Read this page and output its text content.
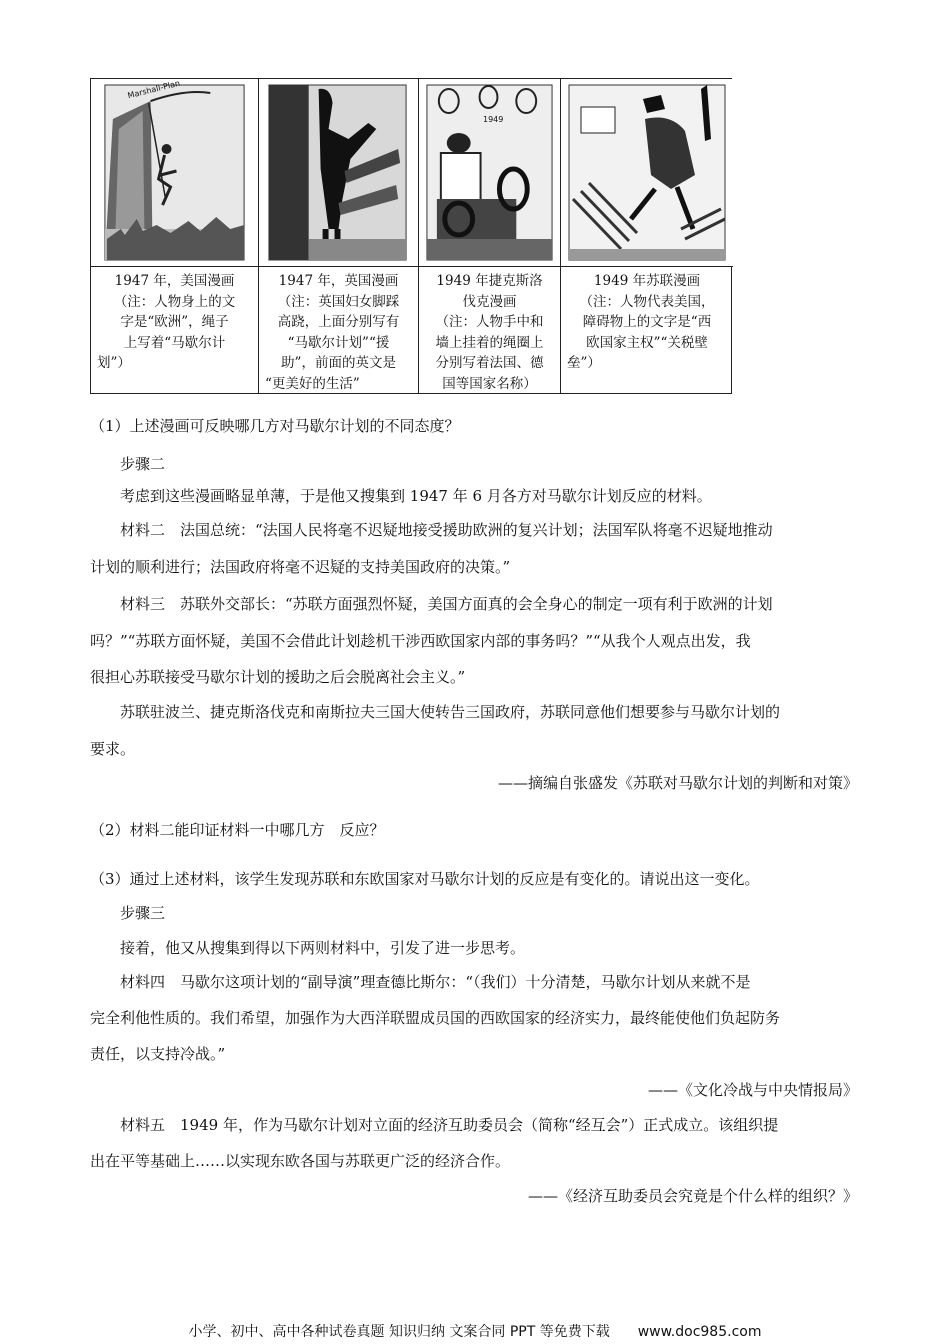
Marshall-Plan
1947 年，美国漫画
（注：人物身上的文
字是“欧洲”，绳子
上写着“马歇尔计
划”）
1947 年，英国漫画
（注：英国妇女脚踩
高跷，上面分别写有
“马歇尔计划”“援
助”，前面的英文是
“更美好的生活”
1949
1949 年捷克斯洛
伐克漫画
（注：人物手中和
墙上挂着的绳圈上
分别写着法国、德
国等国家名称）
1949 年苏联漫画
（注：人物代表美国，
障碍物上的文字是“西
欧国家主权”“关税壁
垒”）
（1）上述漫画可反映哪几方对马歇尔计划的不同态度？
步骤二
考虑到这些漫画略显单薄，于是他又搜集到 1947 年 6 月各方对马歇尔计划反应的材料。
材料二　法国总统：“法国人民将毫不迟疑地接受援助欧洲的复兴计划；法国军队将毫不迟疑地推动
计划的顺利进行；法国政府将毫不迟疑的支持美国政府的决策。”
材料三　苏联外交部长：“苏联方面强烈怀疑，美国方面真的会全身心的制定一项有利于欧洲的计划
吗？”“苏联方面怀疑，美国不会借此计划趁机干涉西欧国家内部的事务吗？”“从我个人观点出发，我
很担心苏联接受马歇尔计划的援助之后会脱离社会主义。”
苏联驻波兰、捷克斯洛伐克和南斯拉夫三国大使转告三国政府，苏联同意他们想要参与马歇尔计划的
要求。
——摘编自张盛发《苏联对马歇尔计划的判断和对策》
（2）材料二能印证材料一中哪几方　反应？
（3）通过上述材料，该学生发现苏联和东欧国家对马歇尔计划的反应是有变化的。请说出这一变化。
步骤三
接着，他又从搜集到得以下两则材料中，引发了进一步思考。
材料四　马歇尔这项计划的“副导演”理查德比斯尔：“（我们）十分清楚，马歇尔计划从来就不是
完全利他性质的。我们希望，加强作为大西洋联盟成员国的西欧国家的经济实力，最终能使他们负起防务
责任，以支持冷战。”
——《文化冷战与中央情报局》
材料五　1949 年，作为马歇尔计划对立面的经济互助委员会（简称“经互会”）正式成立。该组织提
出在平等基础上……以实现东欧各国与苏联更广泛的经济合作。
——《经济互助委员会究竟是个什么样的组织？》
小学、初中、高中各种试卷真题 知识归纳 文案合同 PPT 等免费下载　　www.doc985.com
